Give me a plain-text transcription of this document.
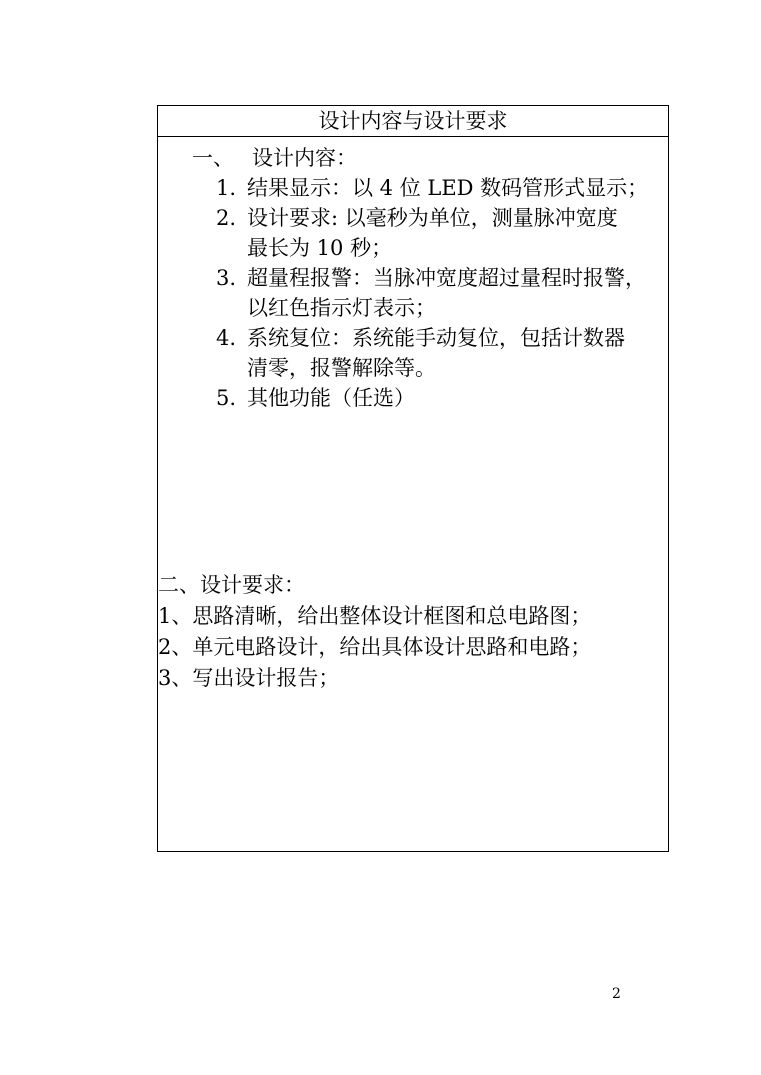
设计内容与设计要求
一、 设计内容：
1. 结果显示：以 4 位 LED 数码管形式显示；
2. 设计要求: 以毫秒为单位，测量脉冲宽度
最长为 10 秒；
3. 超量程报警：当脉冲宽度超过量程时报警，
以红色指示灯表示；
4. 系统复位：系统能手动复位，包括计数器
清零，报警解除等。
5. 其他功能（任选）
二、设计要求：
1、思路清晰，给出整体设计框图和总电路图；
2、单元电路设计，给出具体设计思路和电路；
3、写出设计报告；
2
